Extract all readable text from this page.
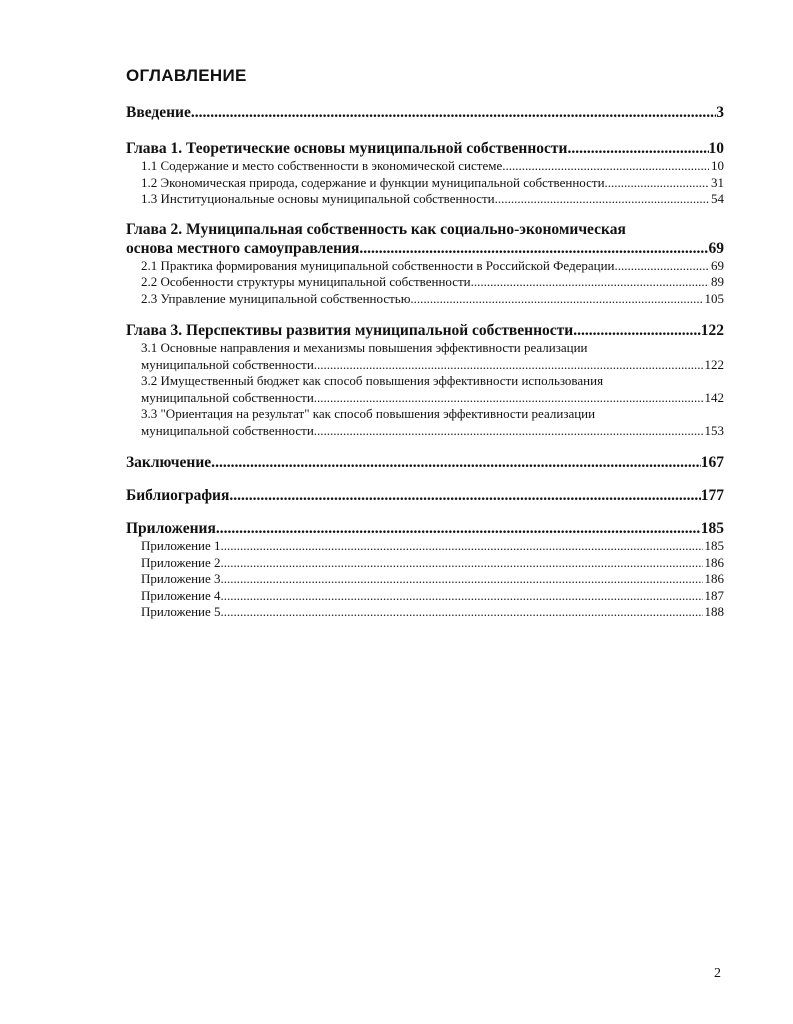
ОГЛАВЛЕНИЕ
Введение .....	3
Глава 1. Теоретические основы муниципальной собственности. .....	10
1.1 Содержание и место собственности в экономической системе .....	10
1.2 Экономическая природа, содержание и функции муниципальной собственности. .....	31
1.3 Институциональные основы муниципальной собственности .....	54
Глава 2. Муниципальная собственность как социально-экономическая
основа местного самоуправления .....	69
2.1 Практика формирования муниципальной собственности в Российской Федерации .....	69
2.2 Особенности структуры муниципальной собственности .....	89
2.3 Управление муниципальной собственностью .....	105
Глава 3. Перспективы развития муниципальной собственности. .....	122
3.1 Основные направления и механизмы повышения эффективности реализации
муниципальной собственности. .....	122
3.2 Имущественный бюджет как способ повышения эффективности использования
муниципальной собственности. .....	142
3.3 "Ориентация на результат" как способ повышения эффективности реализации
муниципальной собственности. .....	153
Заключение. .....	167
Библиография .....	177
Приложения. .....	185
Приложение 1 .....	185
Приложение 2 .....	186
Приложение 3 .....	186
Приложение 4 .....	187
Приложение 5 .....	188
2
